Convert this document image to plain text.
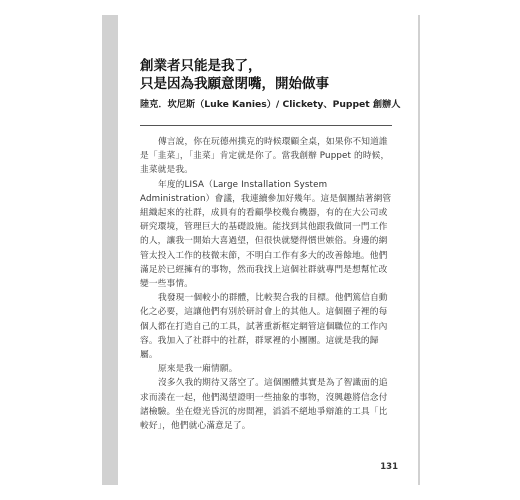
創業者只能是我了，
只是因為我願意閉嘴，開始做事
陸克．坎尼斯（Luke Kanies）/ Clickety、Puppet 創辦人

傳言說，你在玩德州撲克的時候環顧全桌，如果你不知道誰是「韭菜」，「韭菜」肯定就是你了。當我創辦 Puppet 的時候，韭菜就是我。

年度的LISA（Large Installation System Administration）會議，我連續參加好幾年。這是個團結著網管組織起來的社群，成員有的看顧學校幾台機器，有的在大公司或研究環境，管理巨大的基礎設施。能找到其他跟我做同一門工作的人，讓我一開始大喜過望，但很快就變得慣世嫉俗。身邊的網管太投入工作的枝微末節，不明白工作有多大的改善餘地。他們滿足於已經擁有的事物，然而我找上這個社群就專門是想幫忙改變一些事情。

我發現一個較小的群體，比較契合我的目標。他們篤信自動化之必要，這讓他們有別於研討會上的其他人。這個圈子裡的每個人都在打造自己的工具，試著重新框定網管這個職位的工作內容。我加入了社群中的社群，群眾裡的小團團。這就是我的歸屬。

原來是我一廂情願。

沒多久我的期待又落空了。這個團體其實是為了智識面的追求而湊在一起，他們渴望證明一些抽象的事物，沒興趣將信念付諸檢驗。坐在燈光昏沉的房間裡，滔滔不絕地爭辯誰的工具「比較好」，他們就心滿意足了。

131
